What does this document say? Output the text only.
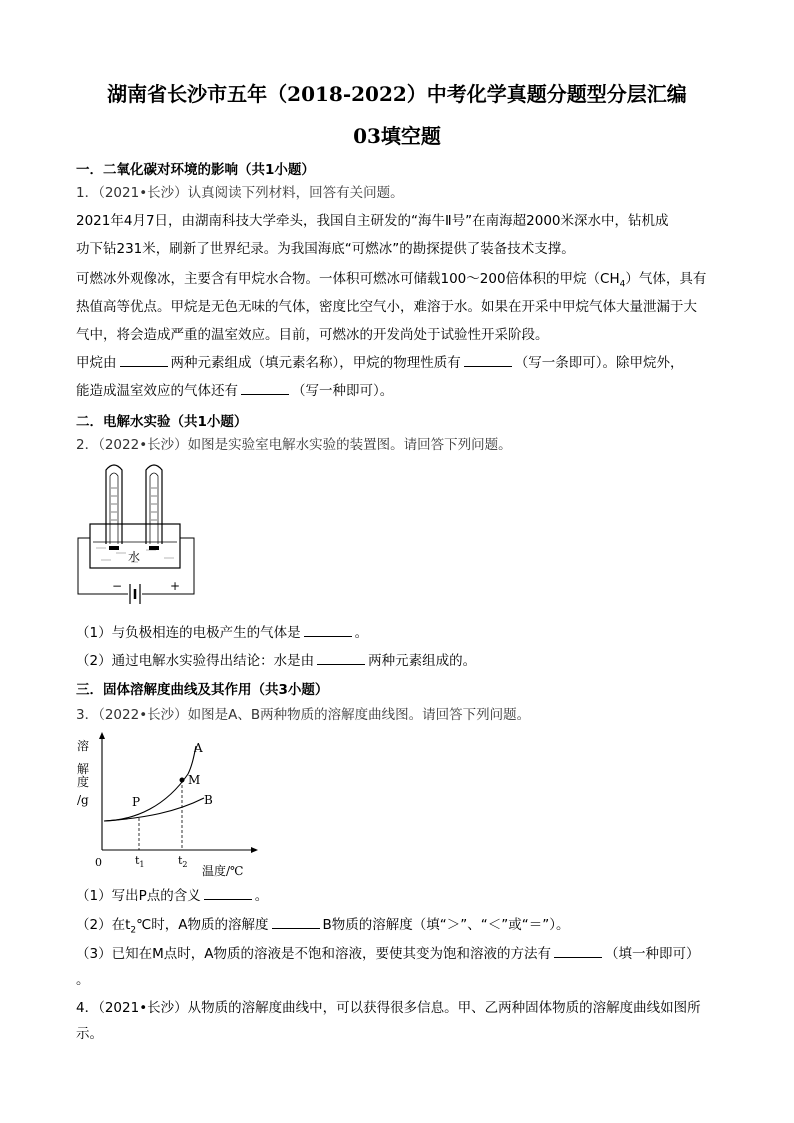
湖南省长沙市五年（2018-2022）中考化学真题分题型分层汇编
03填空题
一．二氧化碳对环境的影响（共1小题）
1．（2021•长沙）认真阅读下列材料，回答有关问题。
2021年4月7日，由湖南科技大学牵头，我国自主研发的“海牛Ⅱ号”在南海超2000米深水中，钻机成
功下钻231米，刷新了世界纪录。为我国海底“可燃冰”的勘探提供了装备技术支撑。
可燃冰外观像冰，主要含有甲烷水合物。一体积可燃冰可储载100～200倍体积的甲烷$(CH_4)$气体，具有
热值高等优点。甲烷是无色无味的气体，密度比空气小，难溶于水。如果在开采中甲烷气体大量泄漏于大
气中，将会造成严重的温室效应。目前，可燃冰的开发尚处于试验性开采阶段。
甲烷由	两种元素组成（填元素名称），甲烷的物理性质有	（写一条即可）。除甲烷外，
能造成温室效应的气体还有	（写一种即可）。
二．电解水实验（共1小题）
2．（2022•长沙）如图是实验室电解水实验的装置图。请回答下列问题。
水
−	+
（1）与负极相连的电极产生的气体是	。
（2）通过电解水实验得出结论：水是由	两种元素组成的。
三．固体溶解度曲线及其作用（共3小题）
3．（2022•长沙）如图是A、B两种物质的溶解度曲线图。请回答下列问题。
溶
解
度
/g
A
M
B
P
0	$t_1$	$t_2$ 温度/℃
（1）写出P点的含义	。
（2）在$t_2℃$时，A物质的溶解度	B物质的溶解度（填“＞”、“＜”或“＝”）。
（3）已知在M点时，A物质的溶液是不饱和溶液，要使其变为饱和溶液的方法有	（填一种即可）
。
4．（2021•长沙）从物质的溶解度曲线中，可以获得很多信息。甲、乙两种固体物质的溶解度曲线如图所
示。
